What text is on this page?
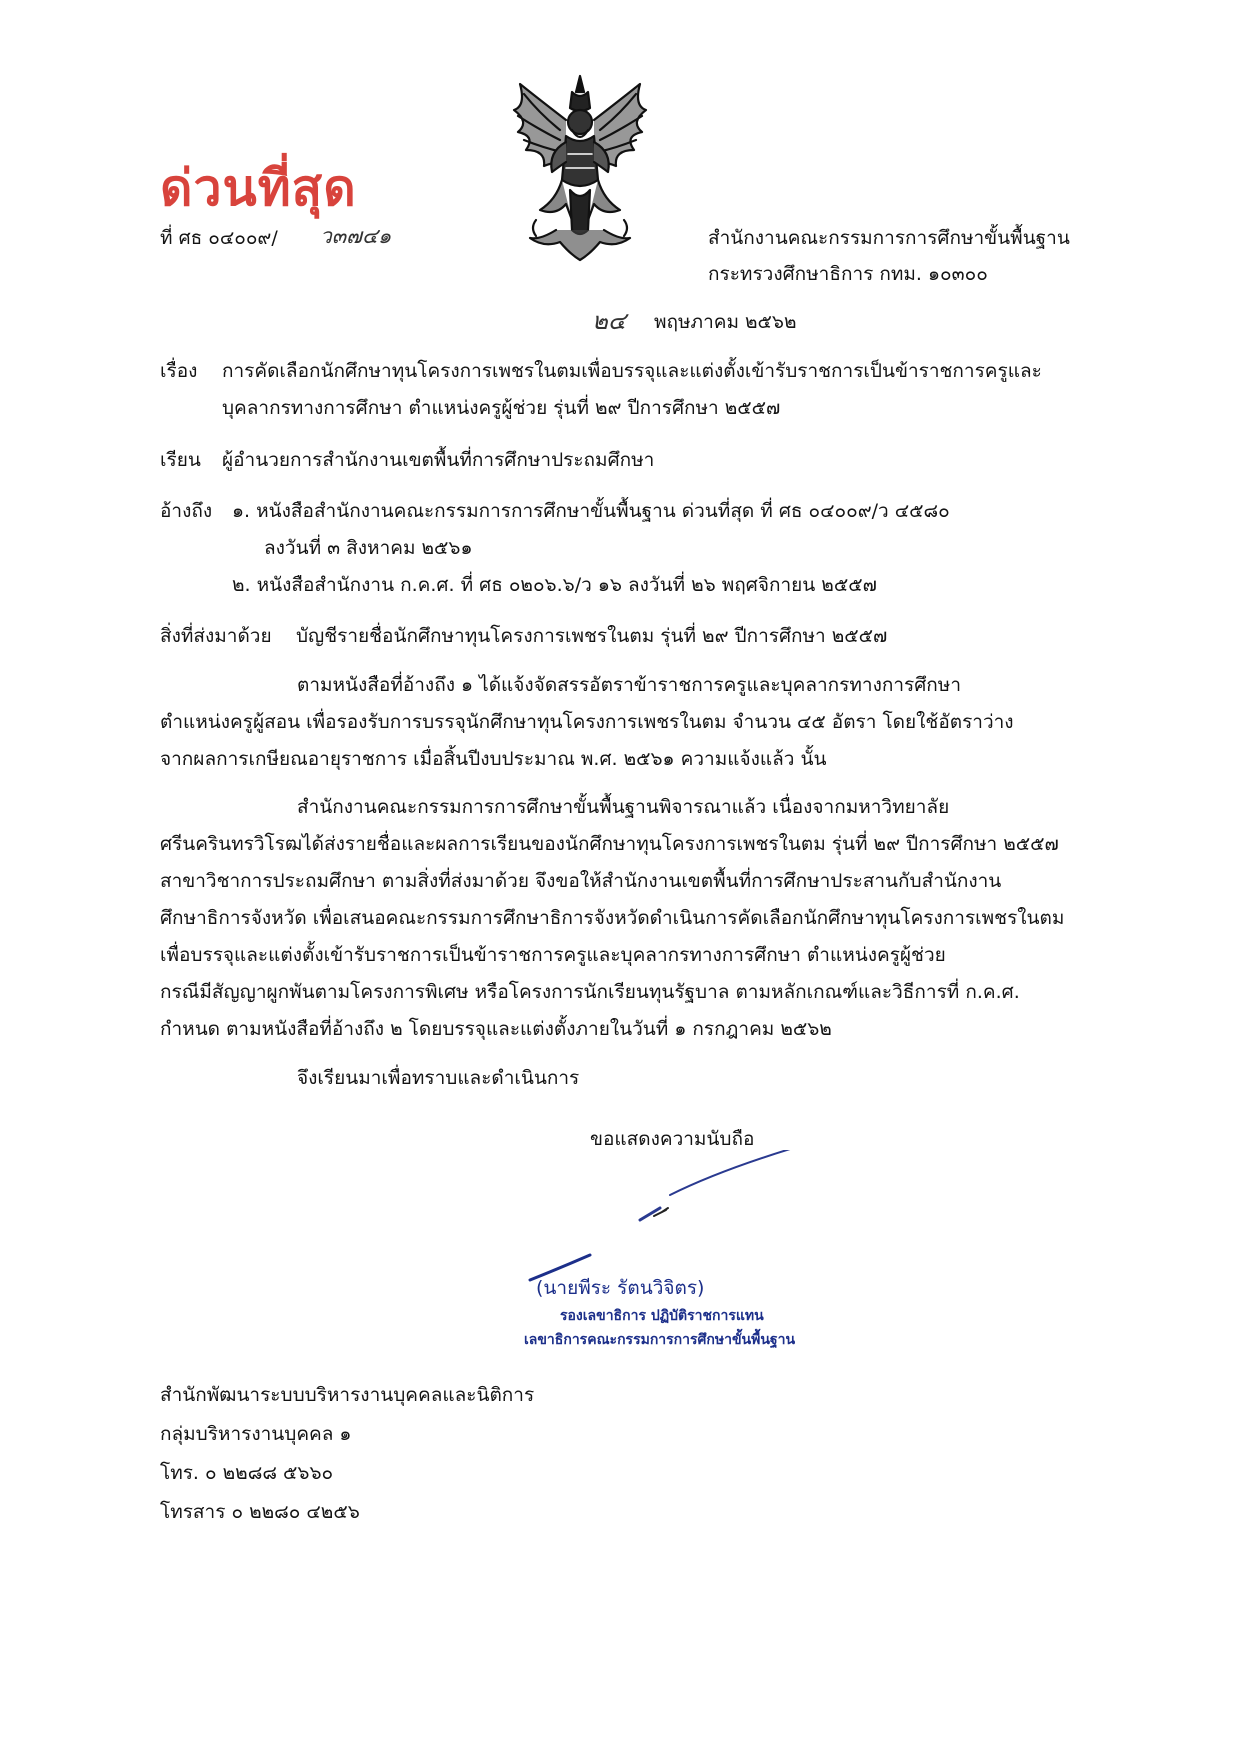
ด่วนที่สุด
ที่ ศธ ๐๔๐๐๙/ ว๓๗๔๑	สำนักงานคณะกรรมการการศึกษาขั้นพื้นฐาน
กระทรวงศึกษาธิการ กทม. ๑๐๓๐๐
๒๔ พฤษภาคม ๒๕๖๒
เรื่อง การคัดเลือกนักศึกษาทุนโครงการเพชรในตมเพื่อบรรจุและแต่งตั้งเข้ารับราชการเป็นข้าราชการครูและ
บุคลากรทางการศึกษา ตำแหน่งครูผู้ช่วย รุ่นที่ ๒๙ ปีการศึกษา ๒๕๕๗
เรียน ผู้อำนวยการสำนักงานเขตพื้นที่การศึกษาประถมศึกษา
อ้างถึง ๑. หนังสือสำนักงานคณะกรรมการการศึกษาขั้นพื้นฐาน ด่วนที่สุด ที่ ศธ ๐๔๐๐๙/ว ๔๕๘๐
ลงวันที่ ๓ สิงหาคม ๒๕๖๑
๒. หนังสือสำนักงาน ก.ค.ศ. ที่ ศธ ๐๒๐๖.๖/ว ๑๖ ลงวันที่ ๒๖ พฤศจิกายน ๒๕๕๗
สิ่งที่ส่งมาด้วย บัญชีรายชื่อนักศึกษาทุนโครงการเพชรในตม รุ่นที่ ๒๙ ปีการศึกษา ๒๕๕๗
ตามหนังสือที่อ้างถึง ๑ ได้แจ้งจัดสรรอัตราข้าราชการครูและบุคลากรทางการศึกษา
ตำแหน่งครูผู้สอน เพื่อรองรับการบรรจุนักศึกษาทุนโครงการเพชรในตม จำนวน ๔๕ อัตรา โดยใช้อัตราว่าง
จากผลการเกษียณอายุราชการ เมื่อสิ้นปีงบประมาณ พ.ศ. ๒๕๖๑ ความแจ้งแล้ว นั้น
สำนักงานคณะกรรมการการศึกษาขั้นพื้นฐานพิจารณาแล้ว เนื่องจากมหาวิทยาลัย
ศรีนครินทรวิโรฒได้ส่งรายชื่อและผลการเรียนของนักศึกษาทุนโครงการเพชรในตม รุ่นที่ ๒๙ ปีการศึกษา ๒๕๕๗
สาขาวิชาการประถมศึกษา ตามสิ่งที่ส่งมาด้วย จึงขอให้สำนักงานเขตพื้นที่การศึกษาประสานกับสำนักงาน
ศึกษาธิการจังหวัด เพื่อเสนอคณะกรรมการศึกษาธิการจังหวัดดำเนินการคัดเลือกนักศึกษาทุนโครงการเพชรในตม
เพื่อบรรจุและแต่งตั้งเข้ารับราชการเป็นข้าราชการครูและบุคลากรทางการศึกษา ตำแหน่งครูผู้ช่วย
กรณีมีสัญญาผูกพันตามโครงการพิเศษ หรือโครงการนักเรียนทุนรัฐบาล ตามหลักเกณฑ์และวิธีการที่ ก.ค.ศ.
กำหนด ตามหนังสือที่อ้างถึง ๒ โดยบรรจุและแต่งตั้งภายในวันที่ ๑ กรกฎาคม ๒๕๖๒
จึงเรียนมาเพื่อทราบและดำเนินการ
ขอแสดงความนับถือ
(นายพีระ รัตนวิจิตร)
รองเลขาธิการ ปฏิบัติราชการแทน
เลขาธิการคณะกรรมการการศึกษาขั้นพื้นฐาน
สำนักพัฒนาระบบบริหารงานบุคคลและนิติการ
กลุ่มบริหารงานบุคคล ๑
โทร. ๐ ๒๒๘๘ ๕๖๖๐
โทรสาร ๐ ๒๒๘๐ ๔๒๕๖
